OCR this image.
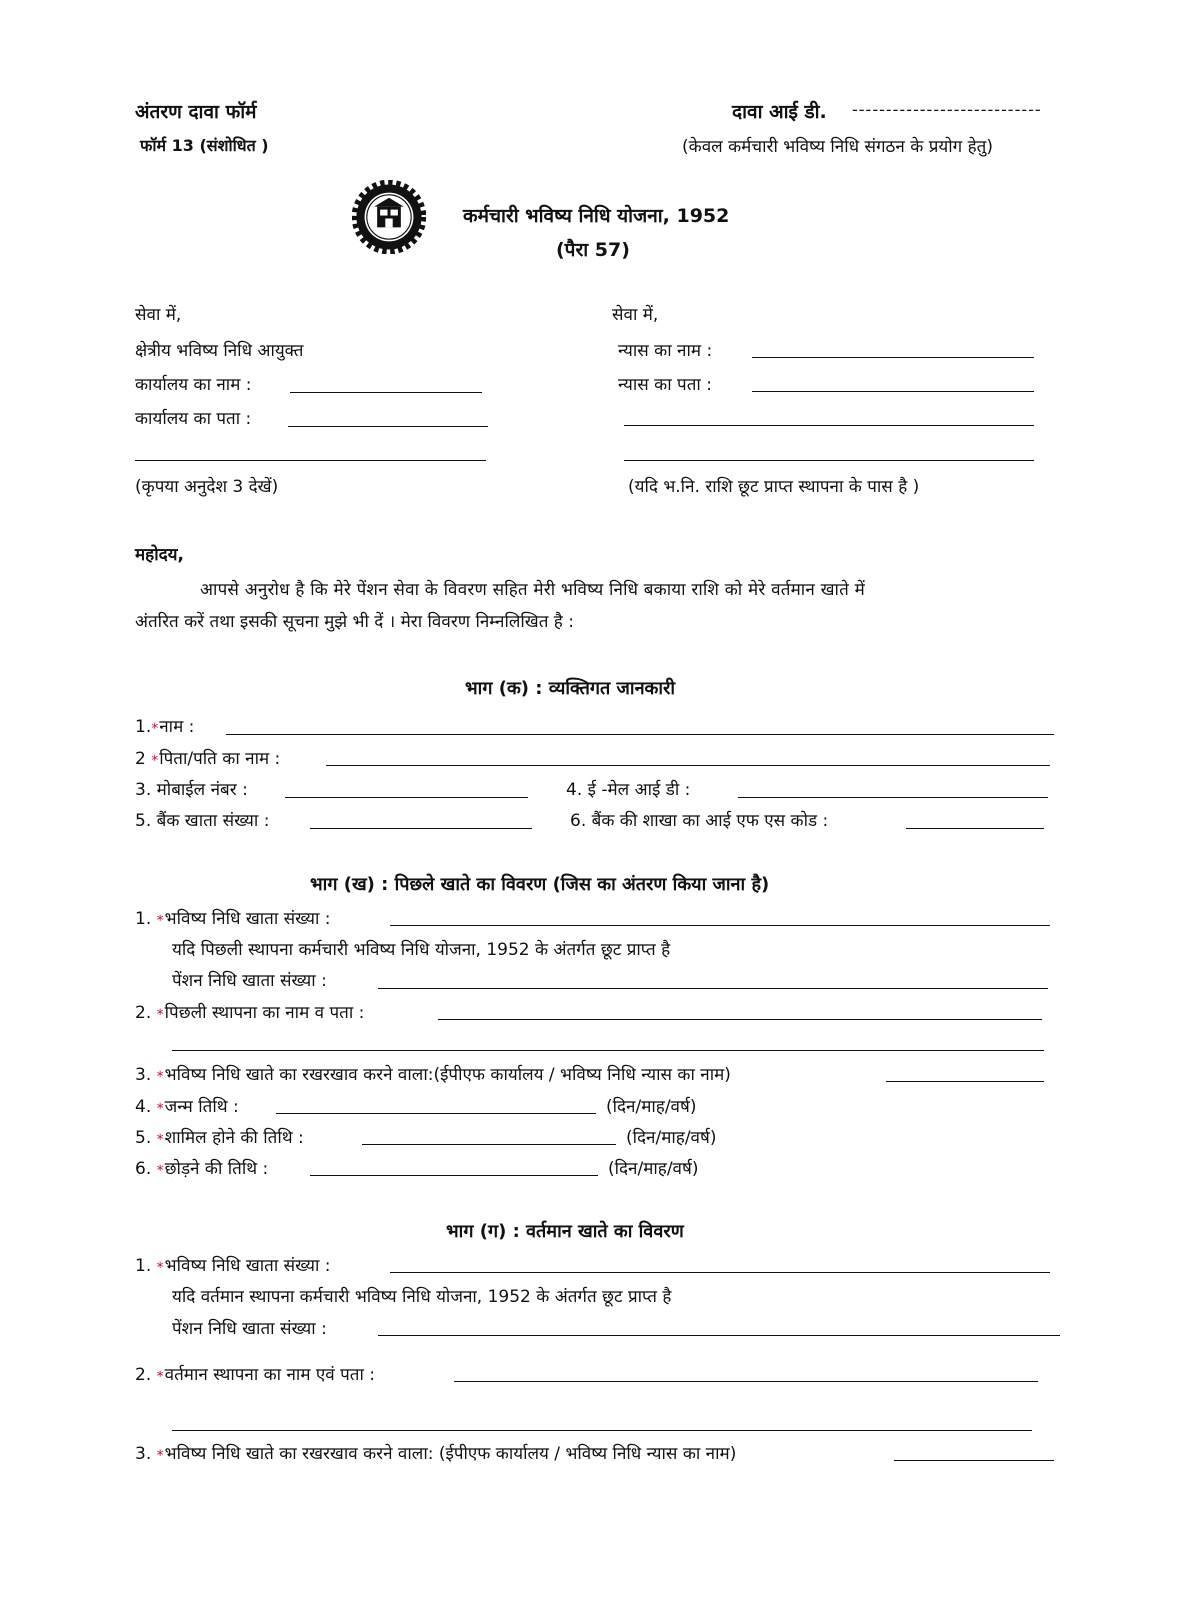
अंतरण दावा फॉर्म
फॉर्म 13 (संशोधित )
दावा आई डी. ----------------------------
(केवल कर्मचारी भविष्य निधि संगठन के प्रयोग हेतु)
कर्मचारी भविष्य निधि योजना, 1952
(पैरा 57)
सेवा में,
क्षेत्रीय भविष्य निधि आयुक्त
कार्यालय का नाम :
कार्यालय का पता :
(कृपया अनुदेश 3 देखें)
सेवा में,
न्यास का नाम :
न्यास का पता :
(यदि भ.नि. राशि छूट प्राप्त स्थापना के पास है )
महोदय,
आपसे अनुरोध है कि मेरे पेंशन सेवा के विवरण सहित मेरी भविष्य निधि बकाया राशि को मेरे वर्तमान खाते में
अंतरित करें तथा इसकी सूचना मुझे भी दें । मेरा विवरण निम्नलिखित है :
भाग (क) : व्यक्तिगत जानकारी
1. * नाम :
2
* पिता/पति का नाम :
3. मोबाईल नंबर :	4. ई -मेल आई डी :
5. बैंक खाता संख्या :	6. बैंक की शाखा का आई एफ एस कोड :
भाग (ख) : पिछले खाते का विवरण (जिस का अंतरण किया जाना है)
1.
* भविष्य निधि खाता संख्या :
यदि पिछली स्थापना कर्मचारी भविष्य निधि योजना, 1952 के अंतर्गत छूट प्राप्त है
पेंशन निधि खाता संख्या :
2.
* पिछली स्थापना का नाम व पता :
3.
* भविष्य निधि खाते का रखरखाव करने वाला:(ईपीएफ कार्यालय / भविष्य निधि न्यास का नाम)
4.
* जन्म तिथि :	(दिन/माह/वर्ष)
5.
* शामिल होने की तिथि :	(दिन/माह/वर्ष)
6.
* छोड़ने की तिथि :	(दिन/माह/वर्ष)
भाग (ग) : वर्तमान खाते का विवरण
1.
* भविष्य निधि खाता संख्या :
यदि वर्तमान स्थापना कर्मचारी भविष्य निधि योजना, 1952 के अंतर्गत छूट प्राप्त है
पेंशन निधि खाता संख्या :
2.
* वर्तमान स्थापना का नाम एवं पता :
3.
* भविष्य निधि खाते का रखरखाव करने वाला: (ईपीएफ कार्यालय / भविष्य निधि न्यास का नाम)
